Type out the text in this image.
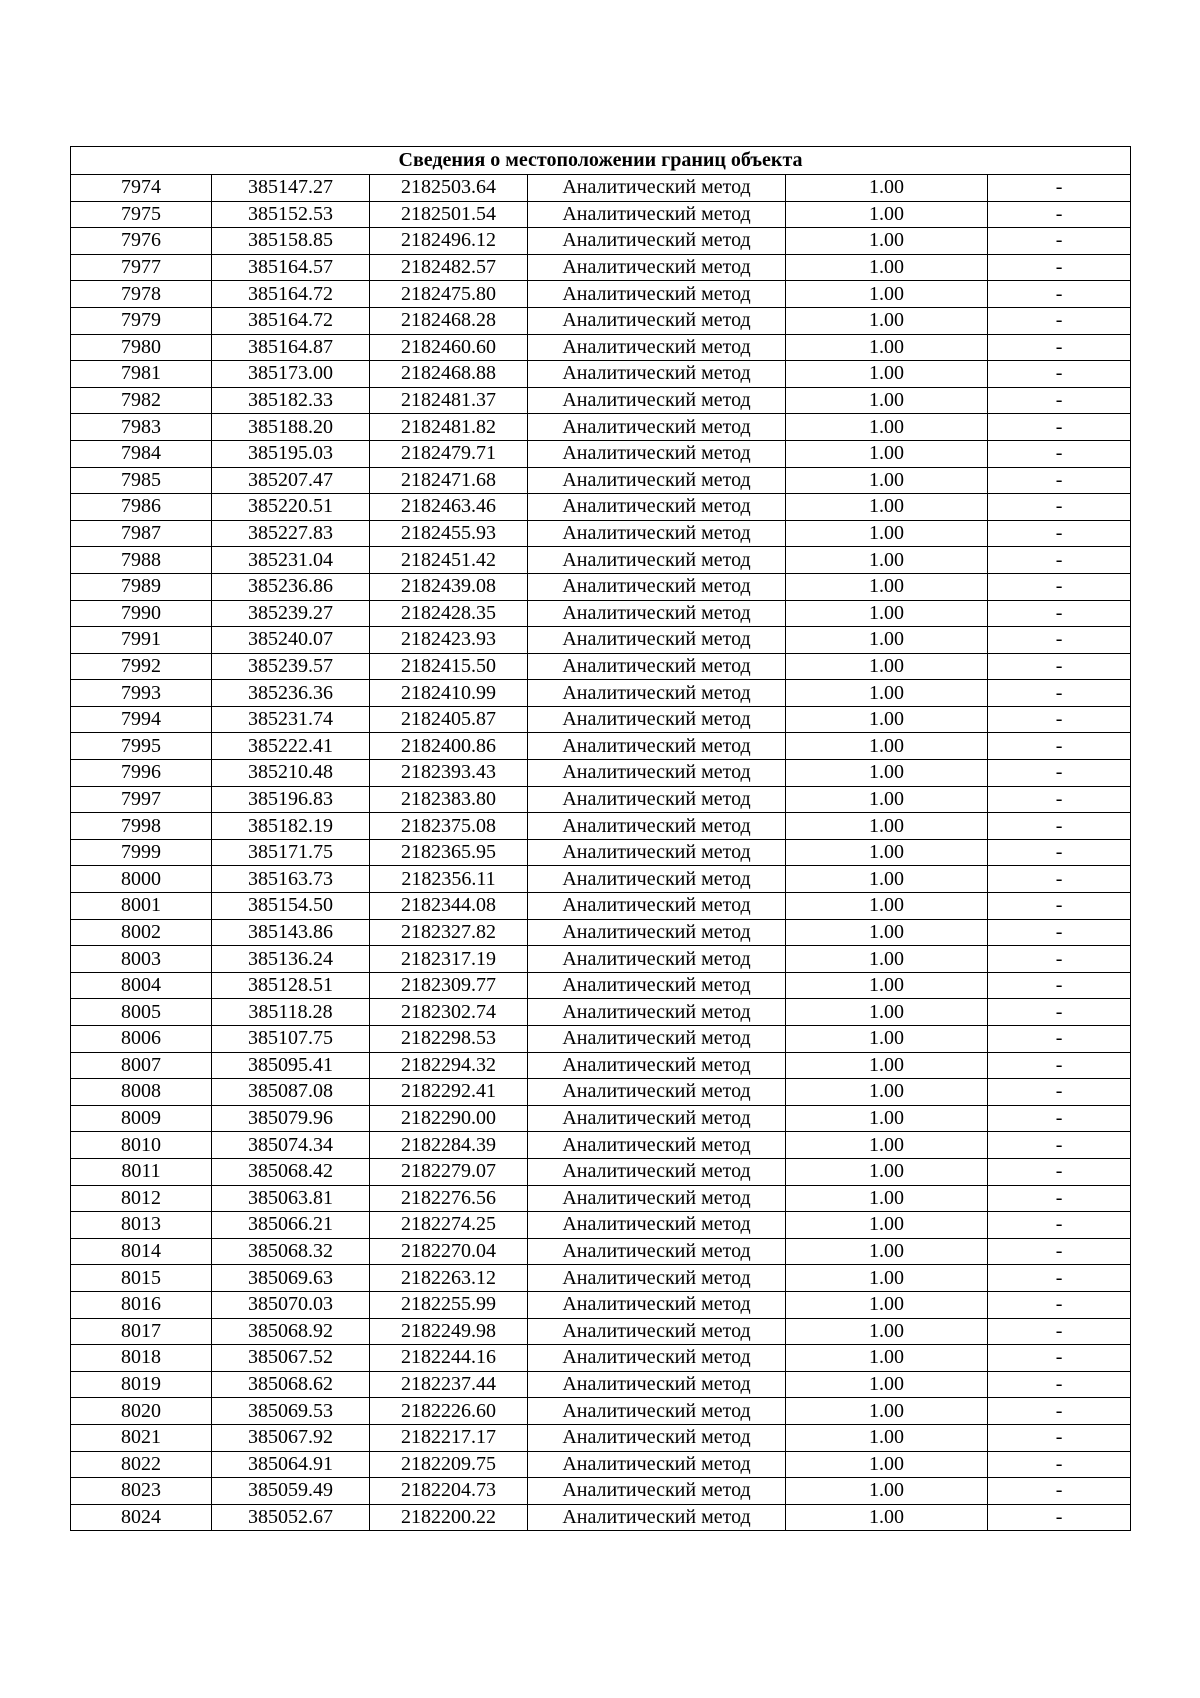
Сведения о местоположении границ объекта					
7974	385147.27	2182503.64	Аналитический метод	1.00	-
7975	385152.53	2182501.54	Аналитический метод	1.00	-
7976	385158.85	2182496.12	Аналитический метод	1.00	-
7977	385164.57	2182482.57	Аналитический метод	1.00	-
7978	385164.72	2182475.80	Аналитический метод	1.00	-
7979	385164.72	2182468.28	Аналитический метод	1.00	-
7980	385164.87	2182460.60	Аналитический метод	1.00	-
7981	385173.00	2182468.88	Аналитический метод	1.00	-
7982	385182.33	2182481.37	Аналитический метод	1.00	-
7983	385188.20	2182481.82	Аналитический метод	1.00	-
7984	385195.03	2182479.71	Аналитический метод	1.00	-
7985	385207.47	2182471.68	Аналитический метод	1.00	-
7986	385220.51	2182463.46	Аналитический метод	1.00	-
7987	385227.83	2182455.93	Аналитический метод	1.00	-
7988	385231.04	2182451.42	Аналитический метод	1.00	-
7989	385236.86	2182439.08	Аналитический метод	1.00	-
7990	385239.27	2182428.35	Аналитический метод	1.00	-
7991	385240.07	2182423.93	Аналитический метод	1.00	-
7992	385239.57	2182415.50	Аналитический метод	1.00	-
7993	385236.36	2182410.99	Аналитический метод	1.00	-
7994	385231.74	2182405.87	Аналитический метод	1.00	-
7995	385222.41	2182400.86	Аналитический метод	1.00	-
7996	385210.48	2182393.43	Аналитический метод	1.00	-
7997	385196.83	2182383.80	Аналитический метод	1.00	-
7998	385182.19	2182375.08	Аналитический метод	1.00	-
7999	385171.75	2182365.95	Аналитический метод	1.00	-
8000	385163.73	2182356.11	Аналитический метод	1.00	-
8001	385154.50	2182344.08	Аналитический метод	1.00	-
8002	385143.86	2182327.82	Аналитический метод	1.00	-
8003	385136.24	2182317.19	Аналитический метод	1.00	-
8004	385128.51	2182309.77	Аналитический метод	1.00	-
8005	385118.28	2182302.74	Аналитический метод	1.00	-
8006	385107.75	2182298.53	Аналитический метод	1.00	-
8007	385095.41	2182294.32	Аналитический метод	1.00	-
8008	385087.08	2182292.41	Аналитический метод	1.00	-
8009	385079.96	2182290.00	Аналитический метод	1.00	-
8010	385074.34	2182284.39	Аналитический метод	1.00	-
8011	385068.42	2182279.07	Аналитический метод	1.00	-
8012	385063.81	2182276.56	Аналитический метод	1.00	-
8013	385066.21	2182274.25	Аналитический метод	1.00	-
8014	385068.32	2182270.04	Аналитический метод	1.00	-
8015	385069.63	2182263.12	Аналитический метод	1.00	-
8016	385070.03	2182255.99	Аналитический метод	1.00	-
8017	385068.92	2182249.98	Аналитический метод	1.00	-
8018	385067.52	2182244.16	Аналитический метод	1.00	-
8019	385068.62	2182237.44	Аналитический метод	1.00	-
8020	385069.53	2182226.60	Аналитический метод	1.00	-
8021	385067.92	2182217.17	Аналитический метод	1.00	-
8022	385064.91	2182209.75	Аналитический метод	1.00	-
8023	385059.49	2182204.73	Аналитический метод	1.00	-
8024	385052.67	2182200.22	Аналитический метод	1.00	-
